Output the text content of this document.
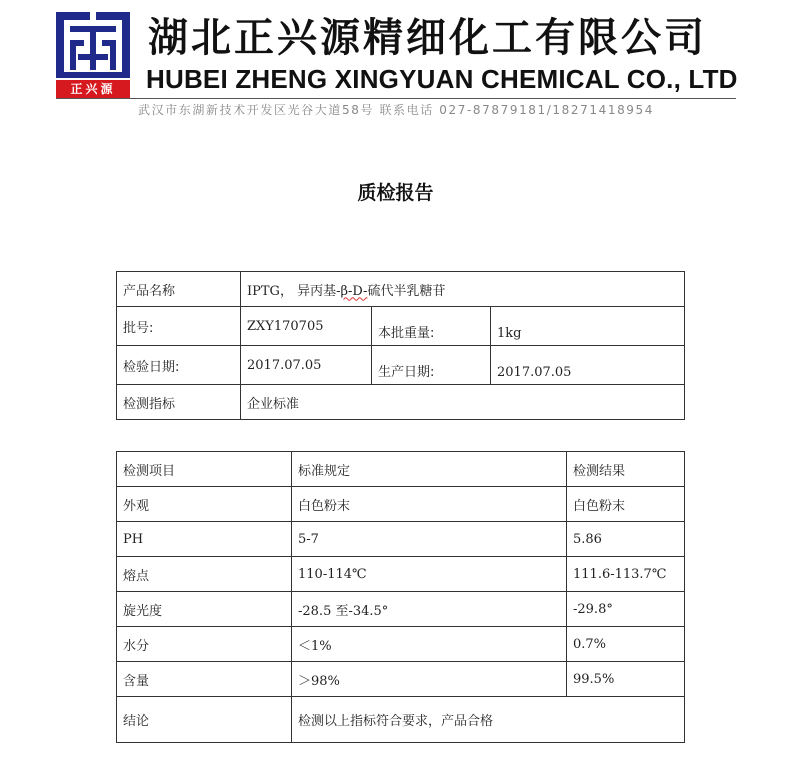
正兴源
湖北正兴源精细化工有限公司
HUBEI ZHENG XINGYUAN CHEMICAL CO., LTD
武汉市东湖新技术开发区光谷大道58号 联系电话 027-87879181/18271418954
质检报告
产品名称	IPTG， 异丙基-β-D-硫代半乳糖苷		
批号:	ZXY170705	本批重量:	1kg
检验日期:	2017.07.05	生产日期:	2017.07.05
检测指标	企业标准		
检测项目	标准规定	检测结果
外观	白色粉末	白色粉末
PH	5-7	5.86
熔点	110-114℃	111.6-113.7℃
旋光度	-28.5 至-34.5°	-29.8°
水分	＜1%	0.7%
含量	＞98%	99.5%
结论	检测以上指标符合要求，产品合格	
